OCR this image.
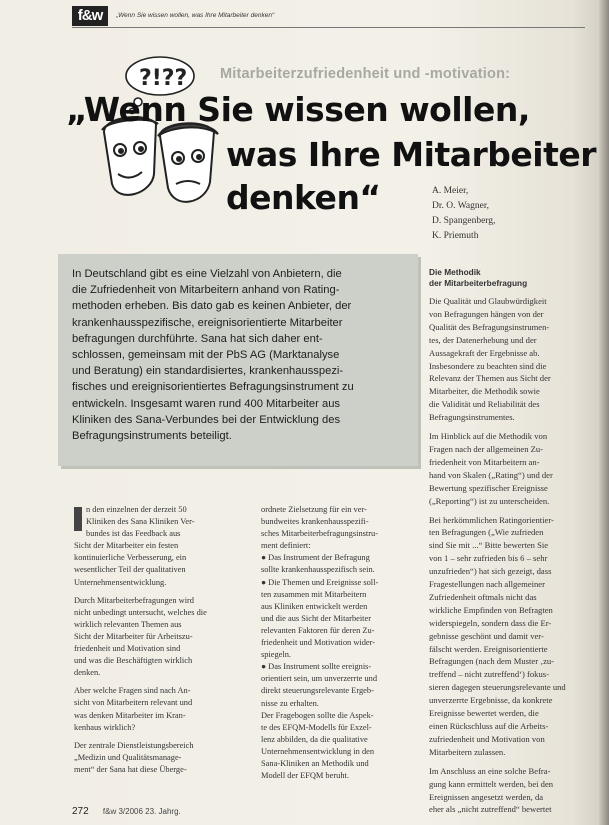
f&w	„Wenn Sie wissen wollen, was Ihre Mitarbeiter denken“
?!?? Mitarbeiterzufriedenheit und -motivation:
„Wenn Sie wissen wollen,
was Ihre Mitarbeiter
denken“	A. Meier,
Dr. O. Wagner,
D. Spangenberg,
K. Priemuth
In Deutschland gibt es eine Vielzahl von Anbietern, die
die Zufriedenheit von Mitarbeitern anhand von Rating-
methoden erheben. Bis dato gab es keinen Anbieter, der
krankenhausspezifische, ereignisorientierte Mitarbeiter
befragungen durchführte. Sana hat sich daher ent-
schlossen, gemeinsam mit der PbS AG (Marktanalyse
und Beratung) ein standardisiertes, krankenhausspezi-
fisches und ereignisorientiertes Befragungsinstrument zu
entwickeln. Insgesamt waren rund 400 Mitarbeiter aus
Kliniken des Sana-Verbundes bei der Entwicklung des
Befragungsinstruments beteiligt.
Die Methodik
der Mitarbeiterbefragung
Die Qualität und Glaubwürdigkeit
von Befragungen hängen von der
Qualität des Befragungsinstrumen-
tes, der Datenerhebung und der
Aussagekraft der Ergebnisse ab.
Insbesondere zu beachten sind die
Relevanz der Themen aus Sicht der
Mitarbeiter, die Methodik sowie
die Validität und Reliabilität des
Befragungsinstrumentes.
Im Hinblick auf die Methodik von
Fragen nach der allgemeinen Zu-
friedenheit von Mitarbeitern an-
hand von Skalen („Rating“) und der
Bewertung spezifischer Ereignisse
(„Reporting“) ist zu unterscheiden.
Bei herkömmlichen Ratingorientier-
ten Befragungen („Wie zufrieden
sind Sie mit ...“ Bitte bewerten Sie
von 1 – sehr zufrieden bis 6 – sehr
unzufrieden“) hat sich gezeigt, dass
Fragestellungen nach allgemeiner
Zufriedenheit oftmals nicht das
wirkliche Empfinden von Befragten
widerspiegeln, sondern dass die Er-
gebnisse geschönt und damit ver-
fälscht werden. Ereignisorientierte
Befragungen (nach dem Muster ‚zu-
treffend – nicht zutreffend‘) fokus-
sieren dagegen steuerungsrelevante und
unverzerrte Ergebnisse, da konkrete
Ereignisse bewertet werden, die
einen Rückschluss auf die Arbeits-
zufriedenheit und Motivation von
Mitarbeitern zulassen.
Im Anschluss an eine solche Befra-
gung kann ermittelt werden, bei den
Ereignissen angesetzt werden, da
eher als „nicht zutreffend“ bewertet
n den einzelnen der derzeit 50
Kliniken des Sana Kliniken Ver-
bundes ist das Feedback aus
Sicht der Mitarbeiter ein festen
kontinuierliche Verbesserung, ein
wesentlicher Teil der qualitativen
Unternehmensentwicklung.
Durch Mitarbeiterbefragungen wird
nicht unbedingt untersucht, welches die
wirklich relevanten Themen aus
Sicht der Mitarbeiter für Arbeitszu-
friedenheit und Motivation sind
und was die Beschäftigten wirklich
denken.
Aber welche Fragen sind nach An-
sicht von Mitarbeitern relevant und
was denken Mitarbeiter im Kran-
kenhaus wirklich?
Der zentrale Dienstleistungsbereich
„Medizin und Qualitätsmanage-
ment“ der Sana hat diese Überge-
ordnete Zielsetzung für ein ver-
bundweites krankenhausspezifi-
sches Mitarbeiterbefragungsinstru-
ment definiert:
● Das Instrument der Befragung
sollte krankenhausspezifisch sein.
● Die Themen und Ereignisse soll-
ten zusammen mit Mitarbeitern
aus Kliniken entwickelt werden
und die aus Sicht der Mitarbeiter
relevanten Faktoren für deren Zu-
friedenheit und Motivation wider-
spiegeln.
● Das Instrument sollte ereignis-
orientiert sein, um unverzerrte und
direkt steuerungsrelevante Ergeb-
nisse zu erhalten.
Der Fragebogen sollte die Aspek-
te des EFQM-Modells für Exzel-
lenz abbilden, da die qualitative
Unternehmensentwicklung in den
Sana-Kliniken an Methodik und
Modell der EFQM beruht.
272 f&w 3/2006 23. Jahrg.
